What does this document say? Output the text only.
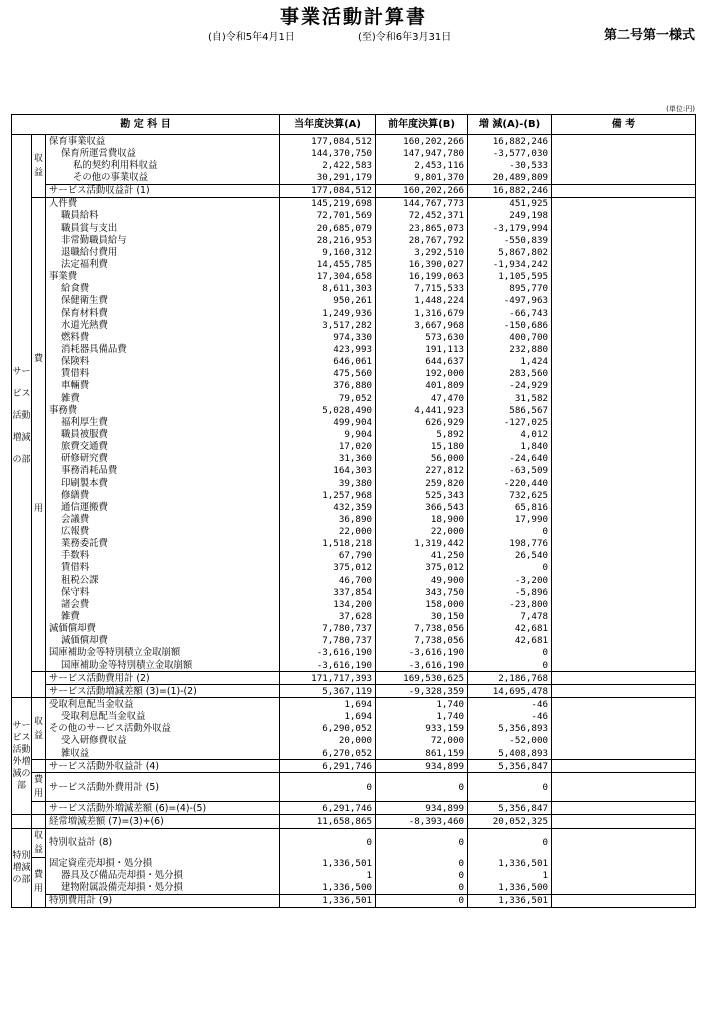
事業活動計算書
(自)令和5年4月1日	(至)令和6年3月31日	第二号第一様式
(単位:円)
勘 定 科 目			当年度決算(A)	前年度決算(B)	増 減(A)-(B)	備 考
サービス活動増減の部	収益	保育事業収益	177,084,512	160,202,266	16,882,246	
		保育所運営費収益	144,370,750	147,947,780	-3,577,030	
		私的契約利用料収益	2,422,583	2,453,116	-30,533	
		その他の事業収益	30,291,179	9,801,370	20,489,809	
		サービス活動収益計 (1)	177,084,512	160,202,266	16,882,246	
	費用	人件費	145,219,698	144,767,773	451,925	
		職員給料	72,701,569	72,452,371	249,198	
		職員賞与支出	20,685,079	23,865,073	-3,179,994	
		非常勤職員給与	28,216,953	28,767,792	-550,839	
		退職給付費用	9,160,312	3,292,510	5,867,802	
		法定福利費	14,455,785	16,390,027	-1,934,242	
		事業費	17,304,658	16,199,063	1,105,595	
		給食費	8,611,303	7,715,533	895,770	
		保健衛生費	950,261	1,448,224	-497,963	
		保育材料費	1,249,936	1,316,679	-66,743	
		水道光熱費	3,517,282	3,667,968	-150,686	
		燃料費	974,330	573,630	400,700	
		消耗器具備品費	423,993	191,113	232,880	
		保険料	646,061	644,637	1,424	
		賃借料	475,560	192,000	283,560	
		車輛費	376,880	401,809	-24,929	
		雑費	79,052	47,470	31,582	
		事務費	5,028,490	4,441,923	586,567	
		福利厚生費	499,904	626,929	-127,025	
		職員被服費	9,904	5,892	4,012	
		旅費交通費	17,020	15,180	1,840	
		研修研究費	31,360	56,000	-24,640	
		事務消耗品費	164,303	227,812	-63,509	
		印刷製本費	39,380	259,820	-220,440	
		修繕費	1,257,968	525,343	732,625	
		通信運搬費	432,359	366,543	65,816	
		会議費	36,890	18,900	17,990	
		広報費	22,000	22,000	0	
		業務委託費	1,518,218	1,319,442	198,776	
		手数料	67,790	41,250	26,540	
		賃借料	375,012	375,012	0	
		租税公課	46,700	49,900	-3,200	
		保守料	337,854	343,750	-5,896	
		諸会費	134,200	158,000	-23,800	
		雑費	37,628	30,150	7,478	
		減価償却費	7,780,737	7,738,056	42,681	
		減価償却費	7,780,737	7,738,056	42,681	
		国庫補助金等特別積立金取崩額	-3,616,190	-3,616,190	0	
		国庫補助金等特別積立金取崩額	-3,616,190	-3,616,190	0	
		サービス活動費用計 (2)	171,717,393	169,530,625	2,186,768	
		サービス活動増減差額 (3)=(1)-(2)	5,367,119	-9,328,359	14,695,478	
サービス活動外増減の部	収益	受取利息配当金収益	1,694	1,740	-46	
		受取利息配当金収益	1,694	1,740	-46	
		その他のサービス活動外収益	6,290,052	933,159	5,356,893	
		受入研修費収益	20,000	72,000	-52,000	
		雑収益	6,270,052	861,159	5,408,893	
		サービス活動外収益計 (4)	6,291,746	934,899	5,356,847	
	費用	サービス活動外費用計 (5)	0	0	0	
		サービス活動外増減差額 (6)=(4)-(5)	6,291,746	934,899	5,356,847	
		経常増減差額 (7)=(3)+(6)	11,658,865	-8,393,460	20,052,325	
特別増減の部	収益	特別収益計 (8)	0	0	0	
	費用	固定資産売却損・処分損	1,336,501	0	1,336,501	
		器具及び備品売却損・処分損	1	0	1	
		建物附属設備売却損・処分損	1,336,500	0	1,336,500	
		特別費用計 (9)	1,336,501	0	1,336,501	
